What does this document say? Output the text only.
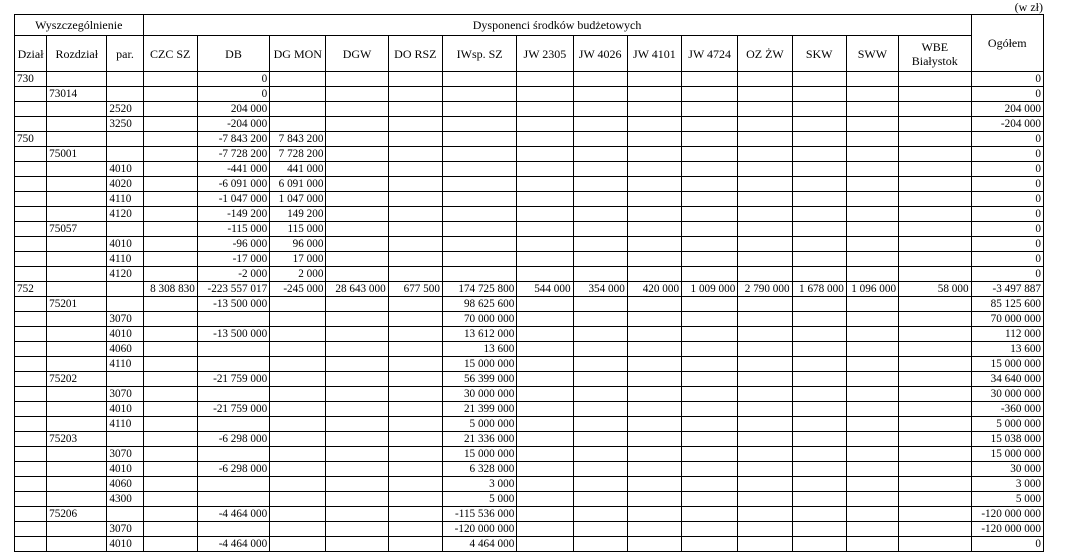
(w zł)
Wyszczególnienie			Dysponenci środków budżetowych														Ogółem
Dział	Rozdział	par.	CZC SZ	DB	DG MON	DGW	DO RSZ	IWsp. SZ	JW 2305	JW 4026	JW 4101	JW 4724	OZ ŻW	SKW	SWW	WBE Białystok	
730				0													0
	73014			0													0
		2520		204 000													204 000
		3250		-204 000													-204 000
750				-7 843 200	7 843 200												0
	75001			-7 728 200	7 728 200												0
		4010		-441 000	441 000												0
		4020		-6 091 000	6 091 000												0
		4110		-1 047 000	1 047 000												0
		4120		-149 200	149 200												0
	75057			-115 000	115 000												0
		4010		-96 000	96 000												0
		4110		-17 000	17 000												0
		4120		-2 000	2 000												0
752			8 308 830	-223 557 017	-245 000	28 643 000	677 500	174 725 800	544 000	354 000	420 000	1 009 000	2 790 000	1 678 000	1 096 000	58 000	-3 497 887
	75201			-13 500 000				98 625 600									85 125 600
		3070						70 000 000									70 000 000
		4010		-13 500 000				13 612 000									112 000
		4060						13 600									13 600
		4110						15 000 000									15 000 000
	75202			-21 759 000				56 399 000									34 640 000
		3070						30 000 000									30 000 000
		4010		-21 759 000				21 399 000									-360 000
		4110						5 000 000									5 000 000
	75203			-6 298 000				21 336 000									15 038 000
		3070						15 000 000									15 000 000
		4010		-6 298 000				6 328 000									30 000
		4060						3 000									3 000
		4300						5 000									5 000
	75206			-4 464 000				-115 536 000									-120 000 000
		3070						-120 000 000									-120 000 000
		4010		-4 464 000				4 464 000									0
